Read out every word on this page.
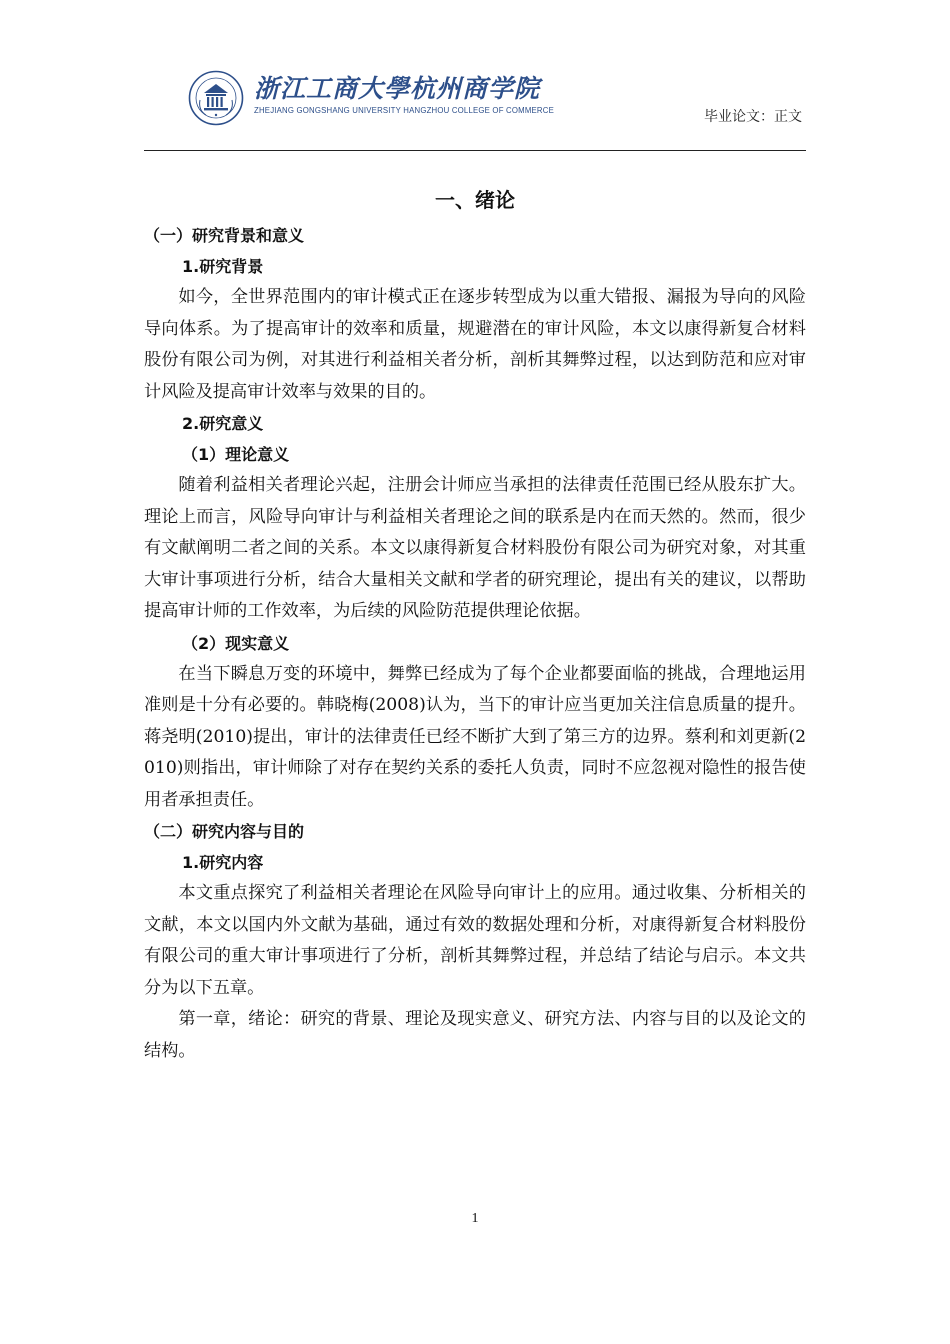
浙江工商大學杭州商学院
ZHEJIANG GONGSHANG UNIVERSITY HANGZHOU COLLEGE OF COMMERCE	毕业论文：正文
一、绪论
（一）研究背景和意义
1.研究背景

如今，全世界范围内的审计模式正在逐步转型成为以重大错报、漏报为导向的风险导向体系。为了提高审计的效率和质量，规避潜在的审计风险，本文以康得新复合材料股份有限公司为例，对其进行利益相关者分析，剖析其舞弊过程，以达到防范和应对审计风险及提高审计效率与效果的目的。

2.研究意义
（1）理论意义

随着利益相关者理论兴起，注册会计师应当承担的法律责任范围已经从股东扩大。理论上而言，风险导向审计与利益相关者理论之间的联系是内在而天然的。然而，很少有文献阐明二者之间的关系。本文以康得新复合材料股份有限公司为研究对象，对其重大审计事项进行分析，结合大量相关文献和学者的研究理论，提出有关的建议，以帮助提高审计师的工作效率，为后续的风险防范提供理论依据。

（2）现实意义

在当下瞬息万变的环境中，舞弊已经成为了每个企业都要面临的挑战，合理地运用准则是十分有必要的。韩晓梅(2008)认为，当下的审计应当更加关注信息质量的提升。蒋尧明(2010)提出，审计的法律责任已经不断扩大到了第三方的边界。蔡利和刘更新(2010)则指出，审计师除了对存在契约关系的委托人负责，同时不应忽视对隐性的报告使用者承担责任。

（二）研究内容与目的
1.研究内容

本文重点探究了利益相关者理论在风险导向审计上的应用。通过收集、分析相关的文献，本文以国内外文献为基础，通过有效的数据处理和分析，对康得新复合材料股份有限公司的重大审计事项进行了分析，剖析其舞弊过程，并总结了结论与启示。本文共分为以下五章。

第一章，绪论：研究的背景、理论及现实意义、研究方法、内容与目的以及论文的结构。

1
